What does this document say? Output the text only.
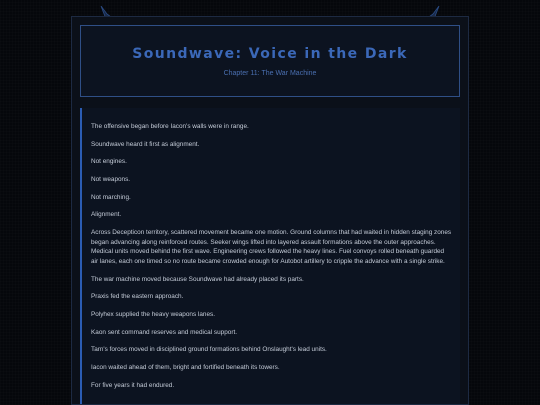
Soundwave: Voice in the Dark
Chapter 11: The War Machine

The offensive began before Iacon's walls were in range.

Soundwave heard it first as alignment.

Not engines.

Not weapons.

Not marching.

Alignment.

Across Decepticon territory, scattered movement became one motion. Ground columns that had waited in hidden staging zones began advancing along reinforced routes. Seeker wings lifted into layered assault formations above the outer approaches. Medical units moved behind the first wave. Engineering crews followed the heavy lines. Fuel convoys rolled beneath guarded air lanes, each one timed so no route became crowded enough for Autobot artillery to cripple the advance with a single strike.

The war machine moved because Soundwave had already placed its parts.

Praxis fed the eastern approach.

Polyhex supplied the heavy weapons lanes.

Kaon sent command reserves and medical support.

Tarn's forces moved in disciplined ground formations behind Onslaught's lead units.

Iacon waited ahead of them, bright and fortified beneath its towers.

For five years it had endured.
